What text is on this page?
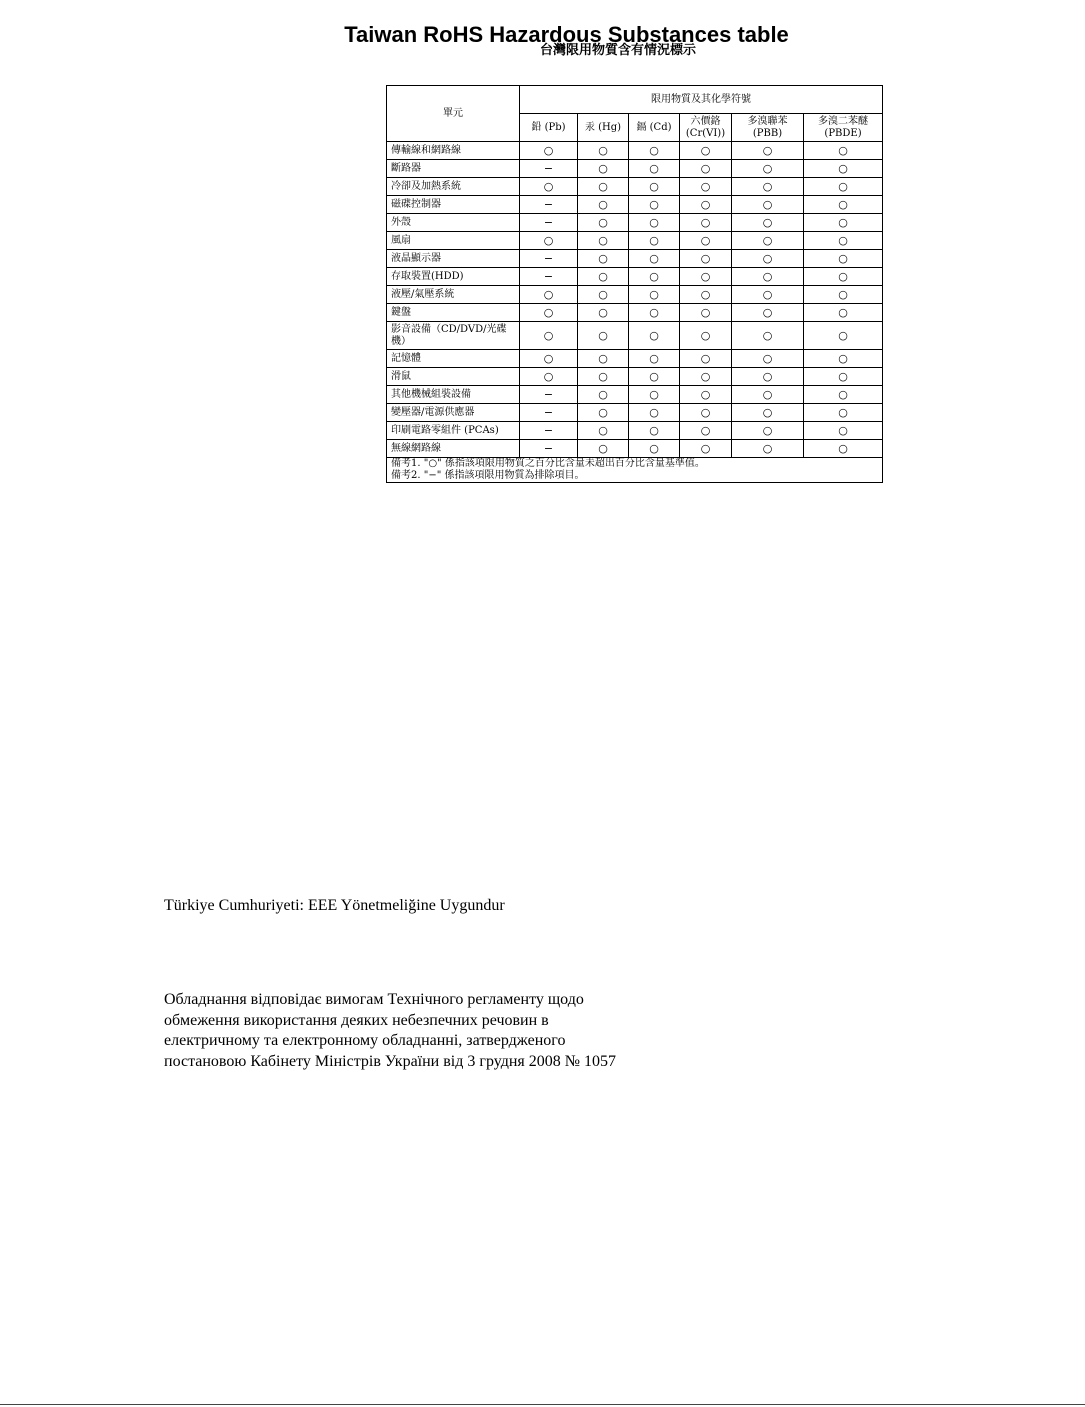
Taiwan RoHS Hazardous Substances table
台灣限用物質含有情況標示
單元	限用物質及其化學符號					
	鉛 (Pb)	汞 (Hg)	鎘 (Cd)	六價鉻 (Cr(VI))	多溴聯苯 (PBB)	多溴二苯醚 (PBDE)
傳輸線和網路線	○	○	○	○	○	○
斷路器	−	○	○	○	○	○
冷卻及加熱系統	○	○	○	○	○	○
磁碟控制器	−	○	○	○	○	○
外殼	−	○	○	○	○	○
風扇	○	○	○	○	○	○
液晶顯示器	−	○	○	○	○	○
存取裝置(HDD)	−	○	○	○	○	○
液壓/氣壓系統	○	○	○	○	○	○
鍵盤	○	○	○	○	○	○
影音設備（CD/DVD/光碟機）	○	○	○	○	○	○
記憶體	○	○	○	○	○	○
滑鼠	○	○	○	○	○	○
其他機械組裝設備	−	○	○	○	○	○
變壓器/電源供應器	−	○	○	○	○	○
印刷電路零組件 (PCAs)	−	○	○	○	○	○
無線網路線	−	○	○	○	○	○

備考1. "○" 係指該項限用物質之百分比含量未超出百分比含量基準值。
備考2. "−" 係指該項限用物質為排除項目。						
Türkiye Cumhuriyeti: EEE Yönetmeliğine Uygundur

Обладнання відповідає вимогам Технічного регламенту щодо
обмеження використання деяких небезпечних речовин в
електричному та електронному обладнанні, затвердженого
постановою Кабінету Міністрів України від 3 грудня 2008 № 1057
